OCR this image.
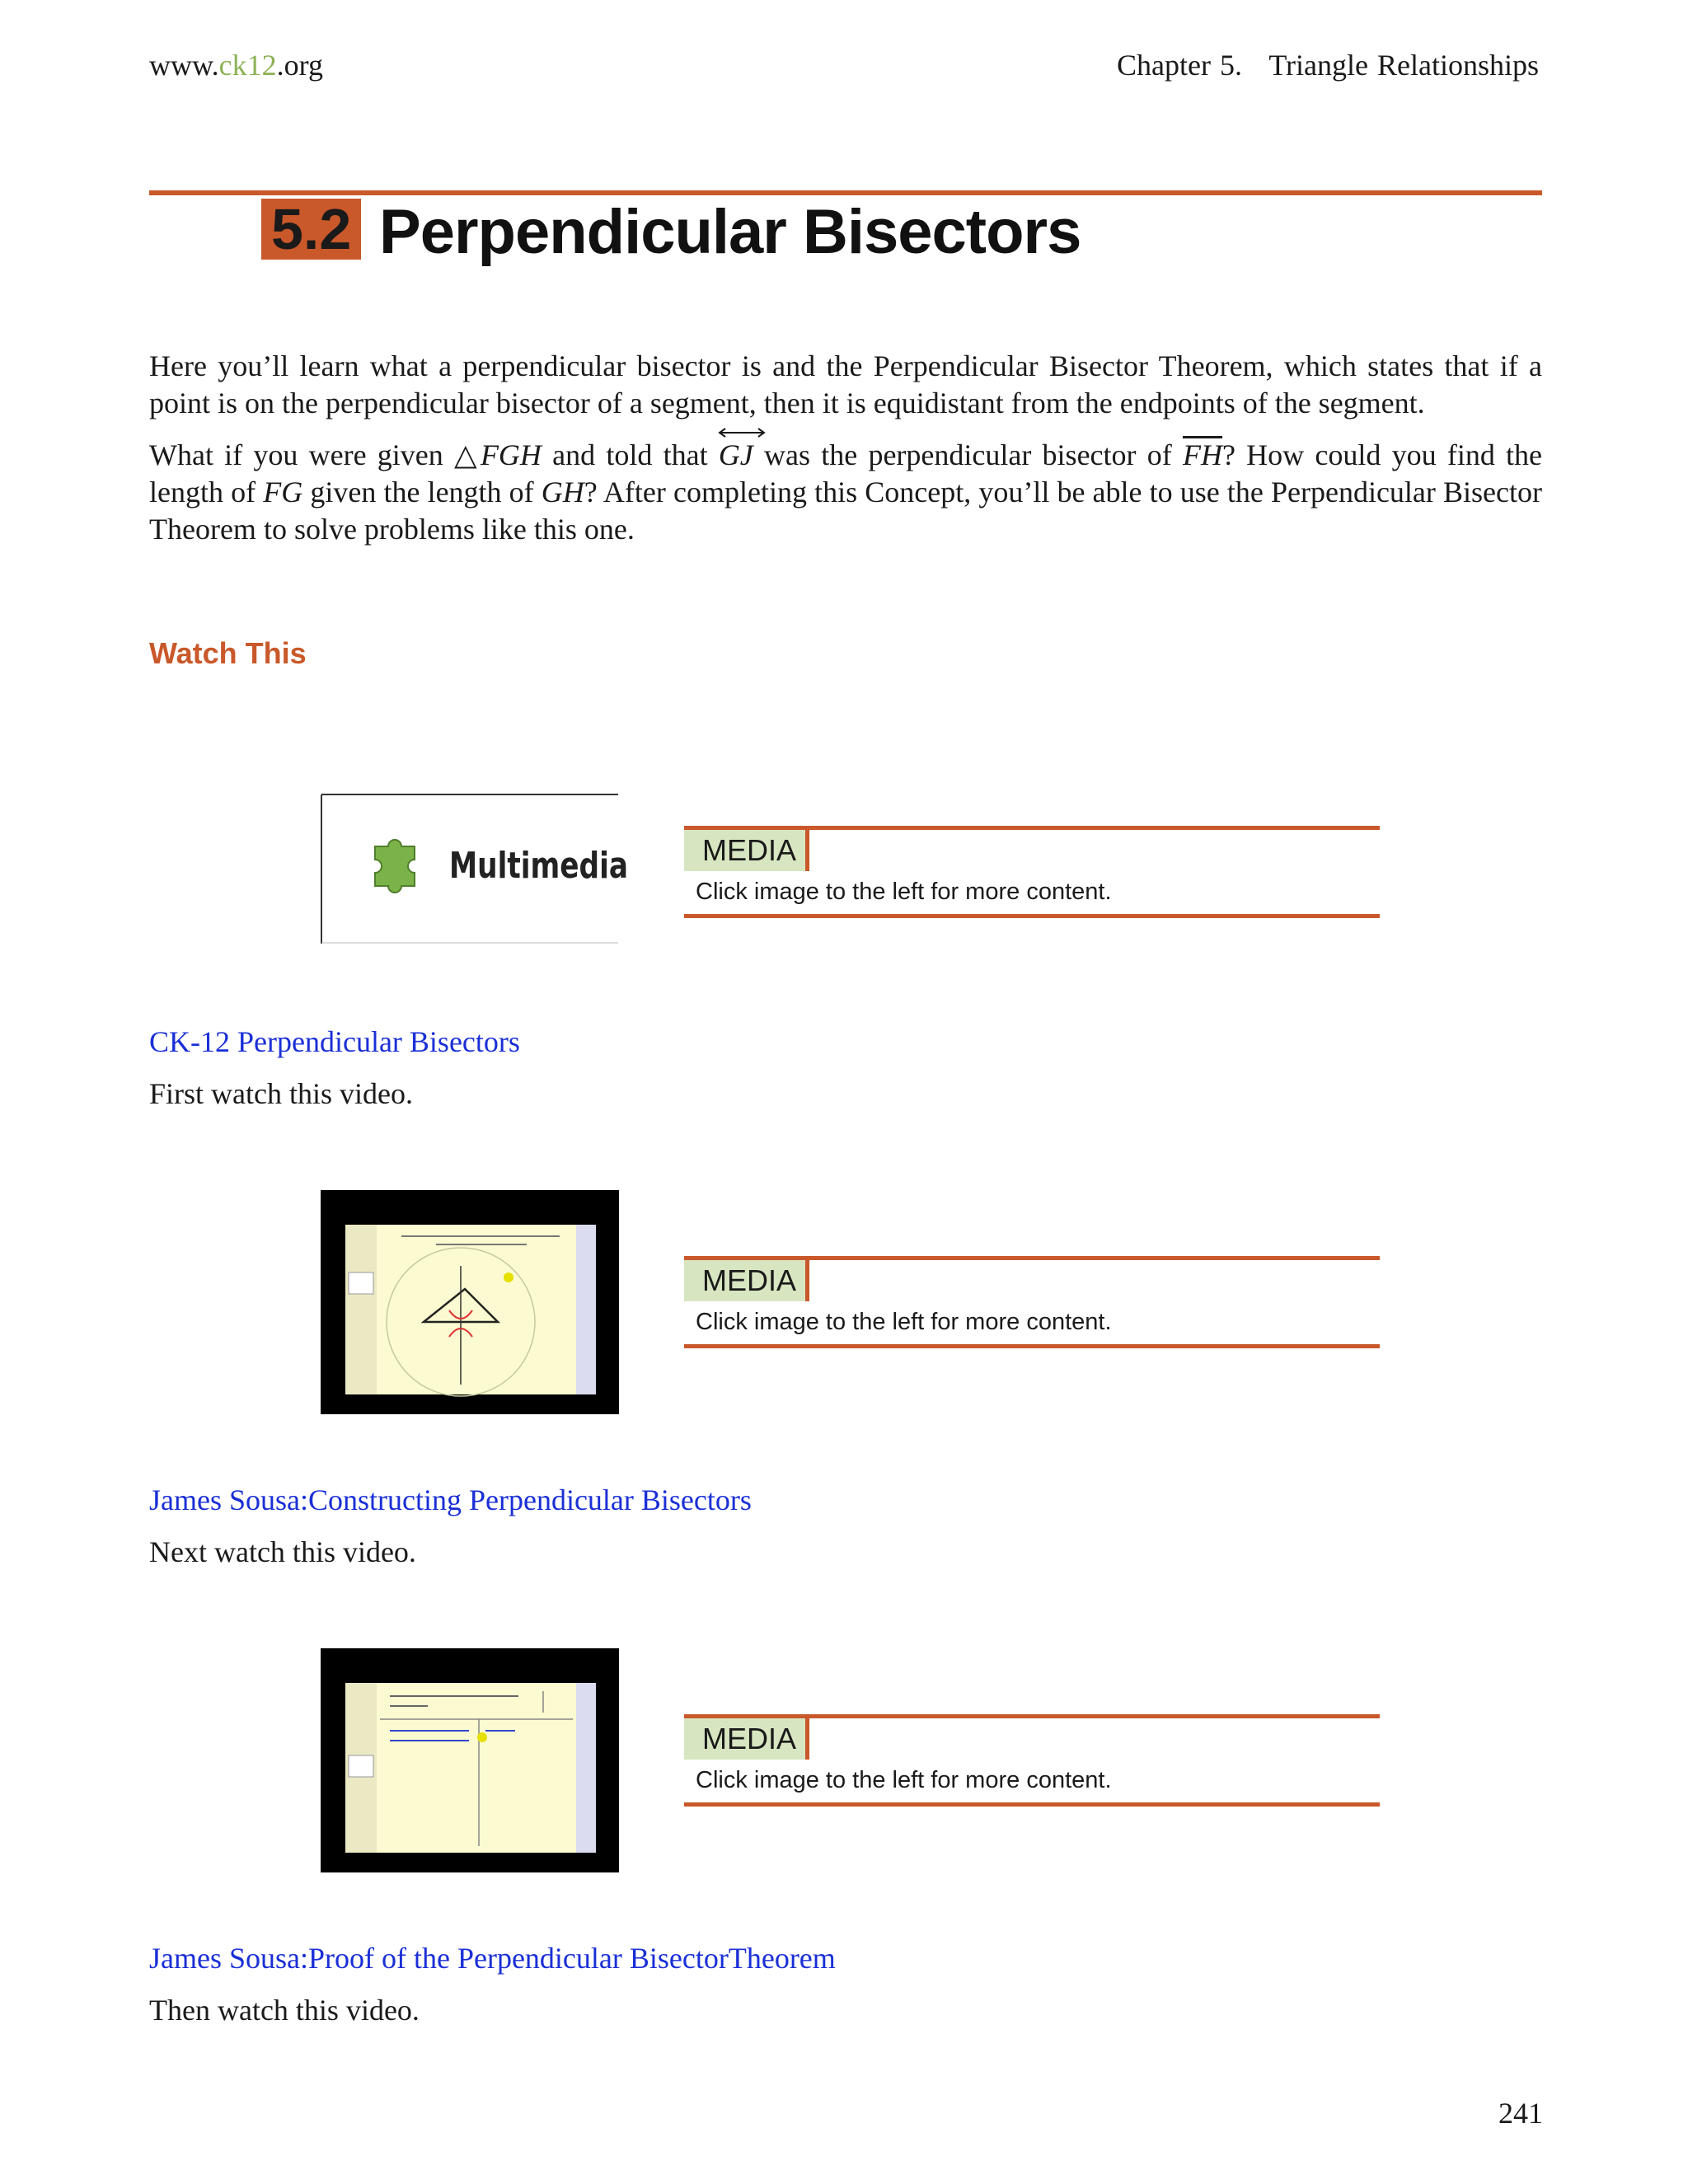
www.ck12.org	Chapter 5.   Triangle Relationships
5.2 Perpendicular Bisectors
Here you’ll learn what a perpendicular bisector is and the Perpendicular Bisector Theorem, which states that if a point is on the perpendicular bisector of a segment, then it is equidistant from the endpoints of the segment.
What if you were given △FGH and told that
GJ was the perpendicular bisector of $\overline{FH}$? How could you find the length of FG given the length of GH? After completing this Concept, you’ll be able to use the Perpendicular Bisector Theorem to solve problems like this one.
Watch This
Multimedia	MEDIA
Click image to the left for more content.
CK-12 Perpendicular Bisectors
First watch this video.
MEDIA
Click image to the left for more content.
James Sousa:Constructing Perpendicular Bisectors
Next watch this video.
MEDIA
Click image to the left for more content.
James Sousa:Proof of the Perpendicular BisectorTheorem
Then watch this video.
241
